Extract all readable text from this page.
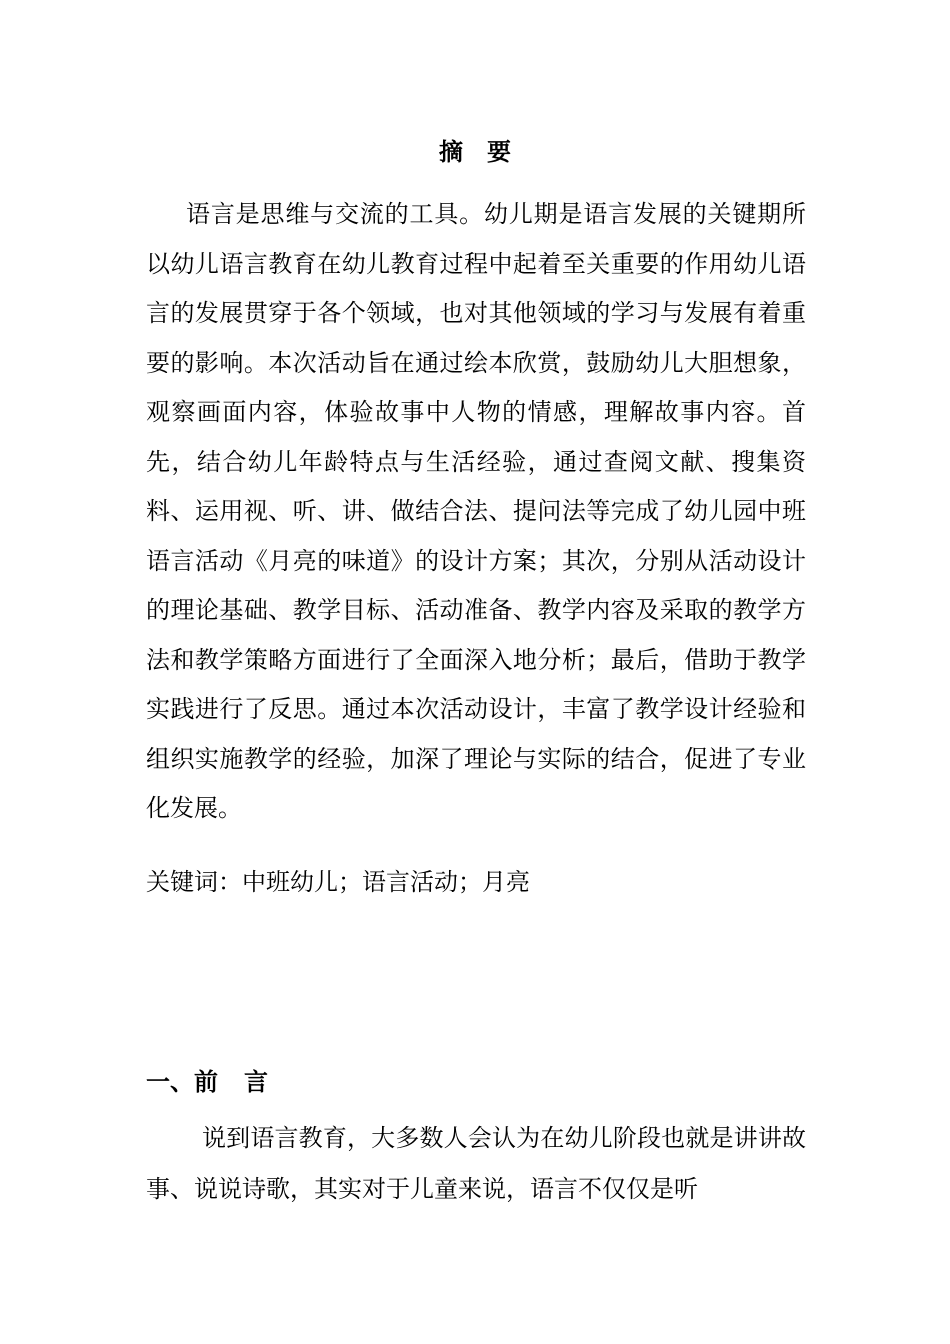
摘要

语言是思维与交流的工具。幼儿期是语言发展的关键期所以幼儿语言教育在幼儿教育过程中起着至关重要的作用幼儿语言的发展贯穿于各个领域，也对其他领域的学习与发展有着重要的影响。本次活动旨在通过绘本欣赏，鼓励幼儿大胆想象，观察画面内容，体验故事中人物的情感，理解故事内容。首先，结合幼儿年龄特点与生活经验，通过查阅文献、搜集资料、运用视、听、讲、做结合法、提问法等完成了幼儿园中班语言活动《月亮的味道》的设计方案；其次，分别从活动设计的理论基础、教学目标、活动准备、教学内容及采取的教学方法和教学策略方面进行了全面深入地分析；最后，借助于教学实践进行了反思。通过本次活动设计，丰富了教学设计经验和组织实施教学的经验，加深了理论与实际的结合，促进了专业化发展。

关键词：中班幼儿；语言活动；月亮
一、前 言

说到语言教育，大多数人会认为在幼儿阶段也就是讲讲故事、说说诗歌，其实对于儿童来说，语言不仅仅是听
